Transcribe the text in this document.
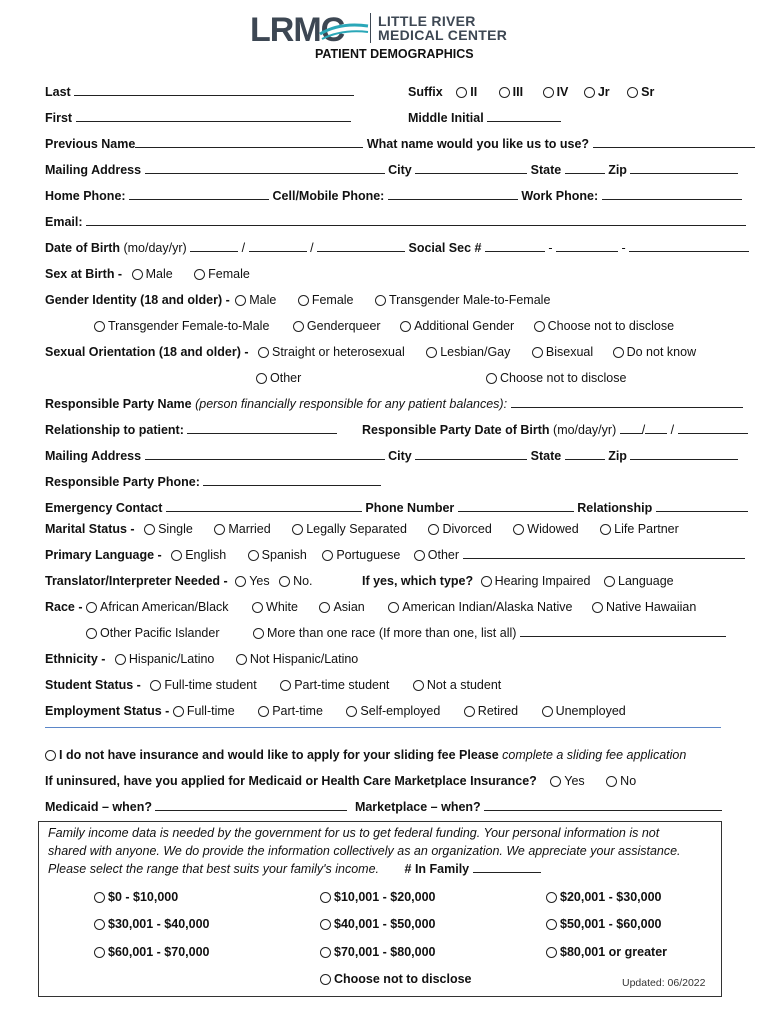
LRMC LITTLE RIVER
MEDICAL CENTER
PATIENT DEMOGRAPHICS
Last	Suffix II	III	IV Jr	Sr
First	Middle Initial
Previous Name	What name would you like us to use?
Mailing Address	City	State	Zip
Home Phone:	Cell/Mobile Phone:	Work Phone:
Email:
Date of Birth (mo/day/yr)	/	/	Social Sec #	-	-
Sex at Birth - Male	Female
Gender Identity (18 and older) - Male	Female	Transgender Male-to-Female
Transgender Female-to-Male	Genderqueer	Additional Gender	Choose not to disclose
Sexual Orientation (18 and older) - Straight or heterosexual	Lesbian/Gay	Bisexual	Do not know
Other	Choose not to disclose
Responsible Party Name (person financially responsible for any patient balances):
Relationship to patient:	Responsible Party Date of Birth (mo/day/yr) / /
Mailing Address	City	State	Zip
Responsible Party Phone:
Emergency Contact	Phone Number	Relationship
Marital Status - Single	Married	Legally Separated	Divorced	Widowed	Life Partner
Primary Language - English	Spanish Portuguese Other
Translator/Interpreter Needed - Yes No.	If yes, which type? Hearing Impaired Language
Race - African American/Black	White	Asian	American Indian/Alaska Native	Native Hawaiian
Other Pacific Islander	More than one race (If more than one, list all)
Ethnicity - Hispanic/Latino	Not Hispanic/Latino
Student Status - Full-time student	Part-time student	Not a student
Employment Status - Full-time	Part-time	Self-employed	Retired	Unemployed
I do not have insurance and would like to apply for your sliding fee Please complete a sliding fee application
If uninsured, have you applied for Medicaid or Health Care Marketplace Insurance? Yes	No
Medicaid – when?	Marketplace – when?
Family income data is needed by the government for us to get federal funding. Your personal information is not
shared with anyone. We do provide the information collectively as an organization. We appreciate your assistance.
Please select the range that best suits your family's income. # In Family
$0 - $10,000	$10,001 - $20,000	$20,001 - $30,000
$30,001 - $40,000	$40,001 - $50,000	$50,001 - $60,000
$60,001 - $70,000	$70,001 - $80,000	$80,001 or greater
Choose not to disclose	Updated: 06/2022
